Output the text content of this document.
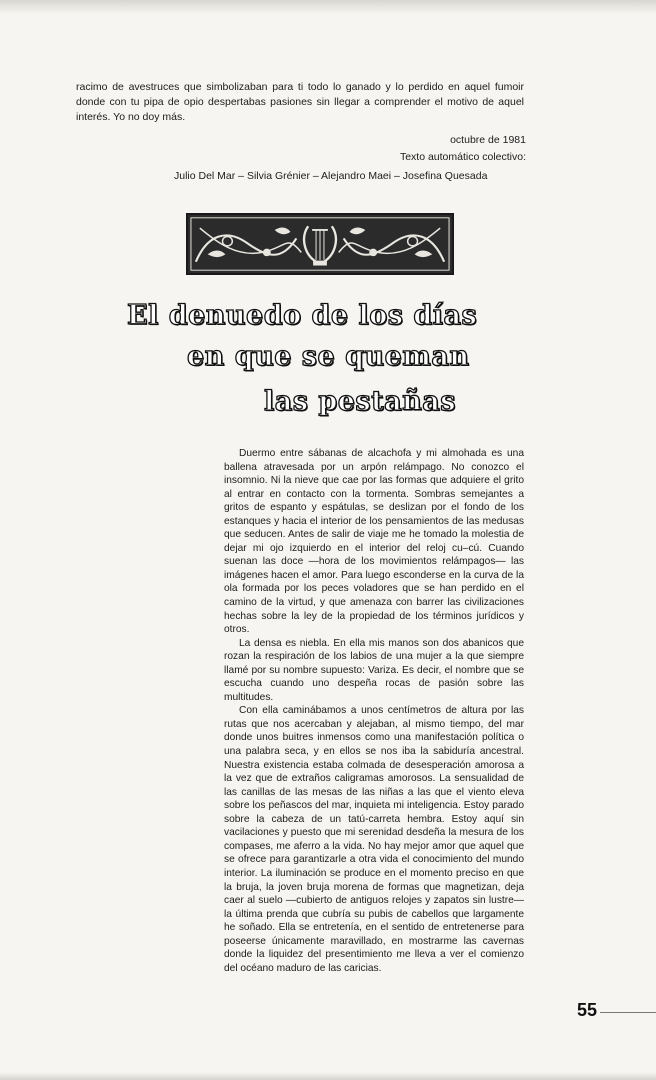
racimo de avestruces que simbolizaban para ti todo lo ganado y lo perdido en aquel fumoir donde con tu pipa de opio despertabas pasiones sin llegar a comprender el motivo de aquel interés. Yo no doy más.
octubre de 1981
Texto automático colectivo:
Julio Del Mar – Silvia Grénier – Alejandro Maei – Josefina Quesada
El denuedo de los días
en que se queman
las pestañas

Duermo entre sábanas de alcachofa y mi almohada es una ballena atravesada por un arpón relámpago. No conozco el insomnio. Ni la nieve que cae por las formas que adquiere el grito al entrar en contacto con la tormenta. Sombras semejantes a gritos de espanto y espátulas, se deslizan por el fondo de los estanques y hacia el interior de los pensamientos de las medusas que seducen. Antes de salir de viaje me he tomado la molestia de dejar mi ojo izquierdo en el interior del reloj cu–cú. Cuando suenan las doce —hora de los movimientos relámpagos— las imágenes hacen el amor. Para luego esconderse en la curva de la ola formada por los peces voladores que se han perdido en el camino de la virtud, y que amenaza con barrer las civilizaciones hechas sobre la ley de la propiedad de los términos jurídicos y otros.

La densa es niebla. En ella mis manos son dos abanicos que rozan la respiración de los labios de una mujer a la que siempre llamé por su nombre supuesto: Variza. Es decir, el nombre que se escucha cuando uno despeña rocas de pasión sobre las multitudes.

Con ella caminábamos a unos centímetros de altura por las rutas que nos acercaban y alejaban, al mismo tiempo, del mar donde unos buitres inmensos como una manifestación política o una palabra seca, y en ellos se nos iba la sabiduría ancestral. Nuestra existencia estaba colmada de desesperación amorosa a la vez que de extraños caligramas amorosos. La sensualidad de las canillas de las mesas de las niñas a las que el viento eleva sobre los peñascos del mar, inquieta mi inteligencia. Estoy parado sobre la cabeza de un tatú-carreta hembra. Estoy aquí sin vacilaciones y puesto que mi serenidad desdeña la mesura de los compases, me aferro a la vida. No hay mejor amor que aquel que se ofrece para garantizarle a otra vida el conocimiento del mundo interior. La iluminación se produce en el momento preciso en que la bruja, la joven bruja morena de formas que magnetizan, deja caer al suelo —cubierto de antiguos relojes y zapatos sin lustre— la última prenda que cubría su pubis de cabellos que largamente he soñado. Ella se entretenía, en el sentido de entretenerse para poseerse únicamente maravillado, en mostrarme las cavernas donde la liquidez del presentimiento me lleva a ver el comienzo del océano maduro de las caricias.

55
